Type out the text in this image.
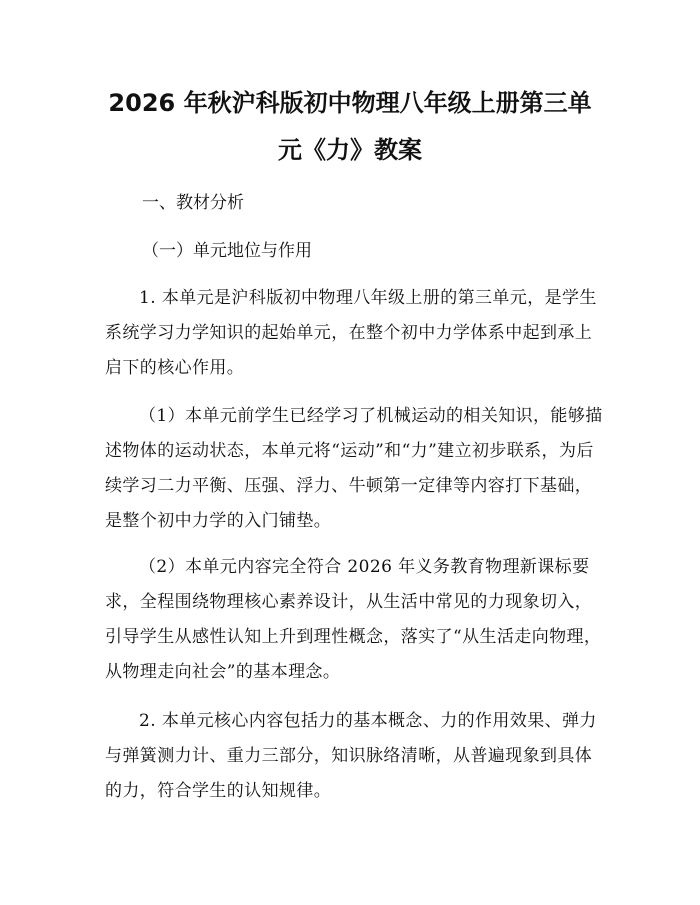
2026 年秋沪科版初中物理八年级上册第三单
元《力》教案
一、教材分析
（一）单元地位与作用

1. 本单元是沪科版初中物理八年级上册的第三单元，是学生系统学习力学知识的起始单元，在整个初中力学体系中起到承上启下的核心作用。

（1）本单元前学生已经学习了机械运动的相关知识，能够描述物体的运动状态，本单元将“运动”和“力”建立初步联系，为后续学习二力平衡、压强、浮力、牛顿第一定律等内容打下基础，是整个初中力学的入门铺垫。

（2）本单元内容完全符合 2026 年义务教育物理新课标要求，全程围绕物理核心素养设计，从生活中常见的力现象切入，引导学生从感性认知上升到理性概念，落实了“从生活走向物理，从物理走向社会”的基本理念。

2. 本单元核心内容包括力的基本概念、力的作用效果、弹力与弹簧测力计、重力三部分，知识脉络清晰，从普遍现象到具体的力，符合学生的认知规律。
